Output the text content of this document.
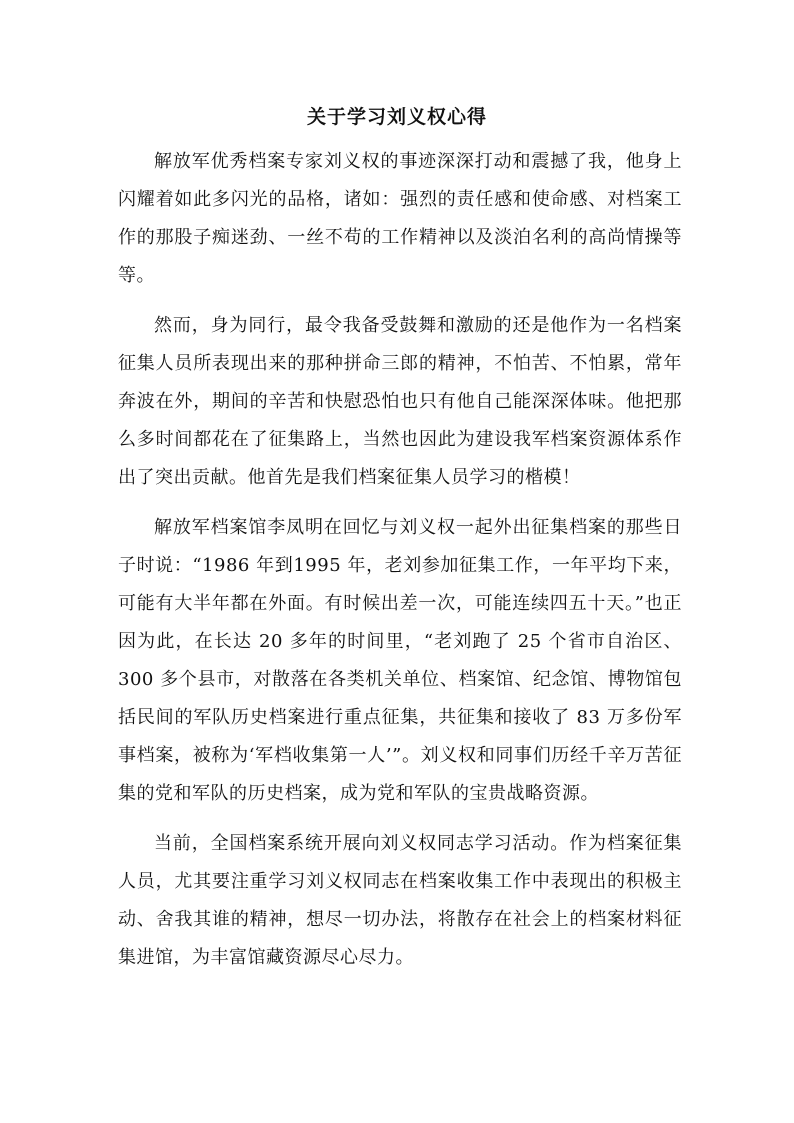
关于学习刘义权心得

解放军优秀档案专家刘义权的事迹深深打动和震撼了我，他身上闪耀着如此多闪光的品格，诸如：强烈的责任感和使命感、对档案工作的那股子痴迷劲、一丝不苟的工作精神以及淡泊名利的高尚情操等等。

然而，身为同行，最令我备受鼓舞和激励的还是他作为一名档案征集人员所表现出来的那种拼命三郎的精神，不怕苦、不怕累，常年奔波在外，期间的辛苦和快慰恐怕也只有他自己能深深体味。他把那么多时间都花在了征集路上，当然也因此为建设我军档案资源体系作出了突出贡献。他首先是我们档案征集人员学习的楷模！

解放军档案馆李凤明在回忆与刘义权一起外出征集档案的那些日子时说：“1986 年到1995 年，老刘参加征集工作，一年平均下来，可能有大半年都在外面。有时候出差一次，可能连续四五十天。”也正因为此，在长达 20 多年的时间里，“老刘跑了 25 个省市自治区、300 多个县市，对散落在各类机关单位、档案馆、纪念馆、博物馆包括民间的军队历史档案进行重点征集，共征集和接收了 83 万多份军事档案，被称为‘军档收集第一人’”。刘义权和同事们历经千辛万苦征集的党和军队的历史档案，成为党和军队的宝贵战略资源。

当前，全国档案系统开展向刘义权同志学习活动。作为档案征集人员，尤其要注重学习刘义权同志在档案收集工作中表现出的积极主动、舍我其谁的精神，想尽一切办法，将散存在社会上的档案材料征集进馆，为丰富馆藏资源尽心尽力。
